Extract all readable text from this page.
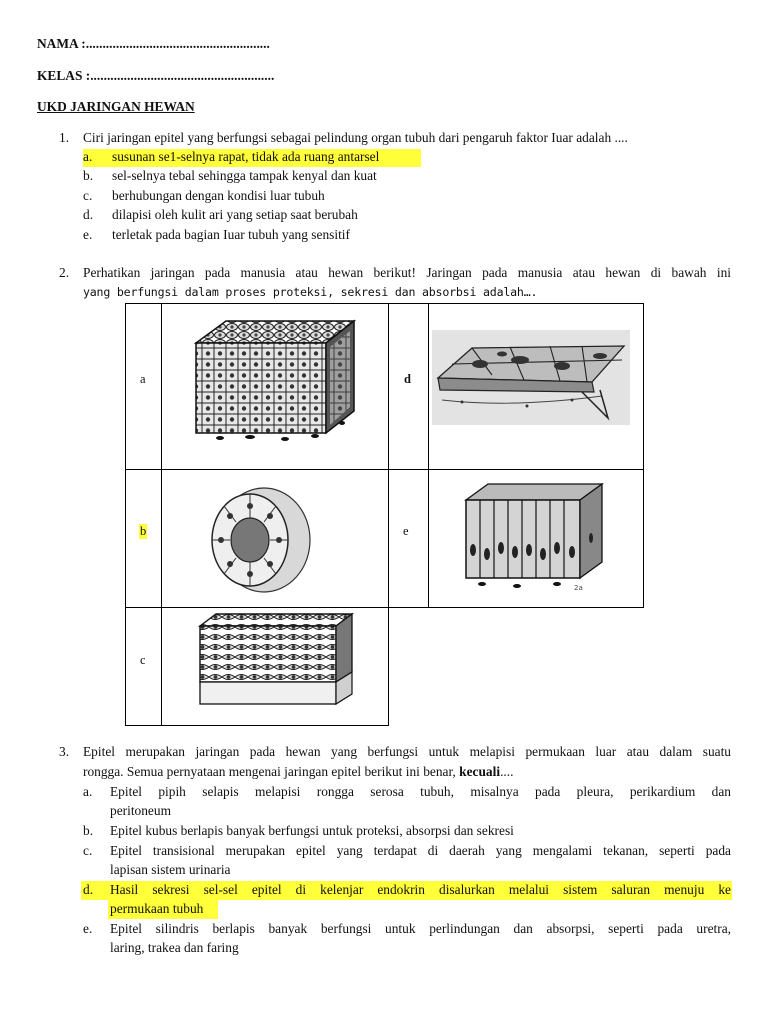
NAMA :.......................................................
KELAS :.......................................................
UKD JARINGAN HEWAN
1. Ciri jaringan epitel yang berfungsi sebagai pelindung organ tubuh dari pengaruh faktor Iuar adalah ....
a. susunan se1-selnya rapat, tidak ada ruang antarsel
b. sel-selnya tebal sehingga tampak kenyal dan kuat
c. berhubungan dengan kondisi luar tubuh
d. dilapisi oleh kulit ari yang setiap saat berubah
e. terletak pada bagian Iuar tubuh yang sensitif
2. Perhatikan jaringan pada manusia atau hewan berikut! Jaringan pada manusia atau hewan di bawah ini
yang berfungsi dalam proses proteksi, sekresi dan absorbsi adalah….
a	d
b	e
c
2a
3. Epitel merupakan jaringan pada hewan yang berfungsi untuk melapisi permukaan luar atau dalam suatu
rongga. Semua pernyataan mengenai jaringan epitel berikut ini benar, kecuali....
a. Epitel pipih selapis melapisi rongga serosa tubuh, misalnya pada pleura, perikardium dan
peritoneum
b. Epitel kubus berlapis banyak berfungsi untuk proteksi, absorpsi dan sekresi
c. Epitel transisional merupakan epitel yang terdapat di daerah yang mengalami tekanan, seperti pada
lapisan sistem urinaria
d. Hasil sekresi sel-sel epitel di kelenjar endokrin disalurkan melalui sistem saluran menuju ke
permukaan tubuh
e. Epitel silindris berlapis banyak berfungsi untuk perlindungan dan absorpsi, seperti pada uretra,
laring, trakea dan faring
